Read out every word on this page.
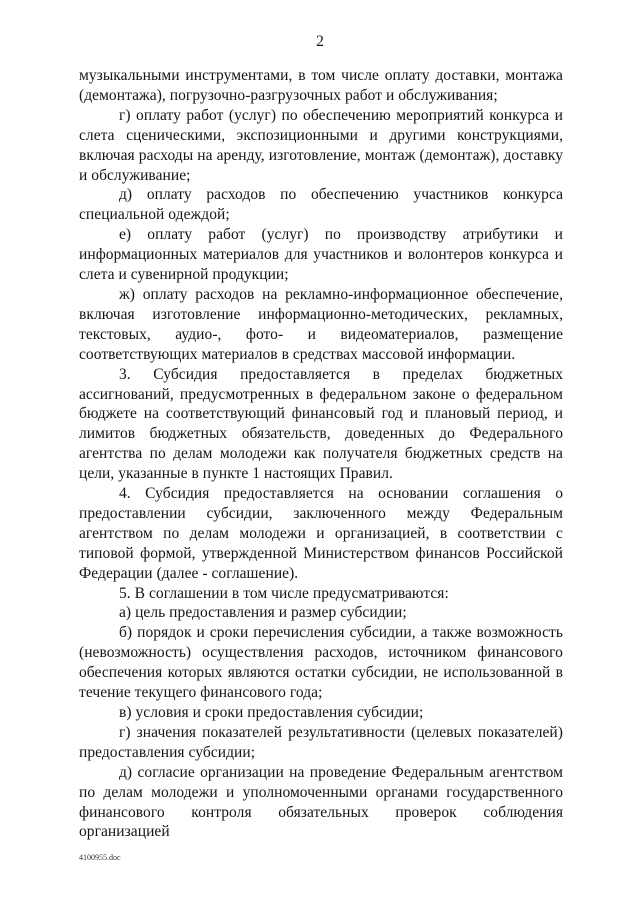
2

музыкальными инструментами, в том числе оплату доставки, монтажа (демонтажа), погрузочно-разгрузочных работ и обслуживания;

г) оплату работ (услуг) по обеспечению мероприятий конкурса и слета сценическими, экспозиционными и другими конструкциями, включая расходы на аренду, изготовление, монтаж (демонтаж), доставку и обслуживание;

д) оплату расходов по обеспечению участников конкурса специальной одеждой;

е) оплату работ (услуг) по производству атрибутики и информационных материалов для участников и волонтеров конкурса и слета и сувенирной продукции;

ж) оплату расходов на рекламно-информационное обеспечение, включая изготовление информационно-методических, рекламных, текстовых, аудио-, фото- и видеоматериалов, размещение соответствующих материалов в средствах массовой информации.

3. Субсидия предоставляется в пределах бюджетных ассигнований, предусмотренных в федеральном законе о федеральном бюджете на соответствующий финансовый год и плановый период, и лимитов бюджетных обязательств, доведенных до Федерального агентства по делам молодежи как получателя бюджетных средств на цели, указанные в пункте 1 настоящих Правил.

4. Субсидия предоставляется на основании соглашения о предоставлении субсидии, заключенного между Федеральным агентством по делам молодежи и организацией, в соответствии с типовой формой, утвержденной Министерством финансов Российской Федерации (далее - соглашение).

5. В соглашении в том числе предусматриваются:

а) цель предоставления и размер субсидии;

б) порядок и сроки перечисления субсидии, а также возможность (невозможность) осуществления расходов, источником финансового обеспечения которых являются остатки субсидии, не использованной в течение текущего финансового года;

в) условия и сроки предоставления субсидии;

г) значения показателей результативности (целевых показателей) предоставления субсидии;

д) согласие организации на проведение Федеральным агентством по делам молодежи и уполномоченными органами государственного финансового контроля обязательных проверок соблюдения организацией

4100955.doc
